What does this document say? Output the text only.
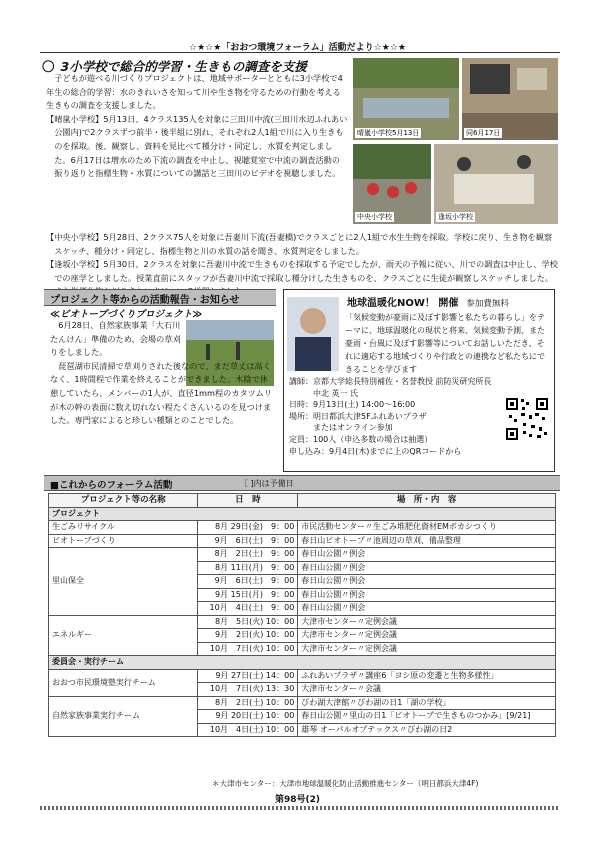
☆★☆★「おおつ環境フォーラム」活動だより☆★☆★
〇 3小学校で総合的学習・生きもの調査を支援

子どもが遊べる川づくりプロジェクトは、地域サポーターとともに3小学校で4年生の総合的学習：水のきれいさを知って川や生き物を守るための行動を考える生きもの調査を支援しました。

【晴嵐小学校】5月13日、4クラス135人を対象に三田川中流(三田川水辺ふれあい公園内)で2クラスずつ前半・後半組に別れ、それぞれ2人1組で川に入り生きものを採取。後、観察し、資料を見比べて種分け・同定し、水質を判定しました。6月17日は増水のため下流の調査を中止し、視聴覚室で中流の調査活動の振り返りと指標生物・水質についての講話と三田川のビデオを視聴しました。

晴嵐小学校5月13日	同6月17日
中央小学校	逢坂小学校

【中央小学校】5月28日、2クラス75人を対象に吾妻川下流(吾妻橋)でクラスごとに2人1組で水生生物を採取。学校に戻り、生き物を観察スケッチ、種分け・同定し、指標生物と川の水質の話を聞き、水質判定をしました。

【逢坂小学校】5月30日、2クラスを対象に吾妻川中流で生きものを採取する予定でしたが、雨天の予報に従い、川での調査は中止し、学校での座学としました。授業直前にスタッフが吾妻川中流で採取し種分けした生きものを、クラスごとに生徒が観察しスケッチしました。

プロジェクト等からの活動報告・お知らせ
≪ビオトープづくりプロジェクト≫

6月28日、自然家族事業「大石川たんけん」準備のため、会場の草刈りをしました。

琵琶湖市民清掃で草刈りされた後なので、まだ草丈は高くなく、1時間程で作業を終えることができました。木陰で休憩していたら、メンバーの1人が、直径1mm程のカタツムリが木の幹の表面に数え切れない程たくさんいるのを見つけました。専門家によると珍しい種類とのことでした。

地球温暖化NOW！ 開催 参加費無料
「気候変動が豪雨に及ぼす影響と私たちの暮らし」をテーマに、地球温暖化の現状と将来、気候変動予測、また豪雨・台風に及ぼす影響等についてお話しいただき、それに適応する地域づくりや行政との連携など私たちにできることを学びます
講師：京都大学総長特別補佐・名誉教授 前防災研究所長
　　　中北 英一 氏
日時：9月13日(土) 14:00～16:00
場所：明日都浜大津5Fふれあいプラザ
　　　またはオンライン参加
定員：100人（申込多数の場合は抽選）
申し込み：9月4日(木)までに上のQRコードから
■これからのフォーラム活動	［ ]内は予備日
プロジェクト等の名称	日　時	場　所・内　容
プロジェクト		
生ごみリサイクル	8月 29日(金)　9：00	市民活動センター〃生ごみ堆肥化資材EMボカシつくり
ビオトープづくり	9月　6日(土)　9：00	春日山ビオトープ〃池周辺の草刈、備品整理
里山保全	8月　2日(土)　9：00	春日山公園〃例会
	8月 11日(月)　9：00	春日山公園〃例会
	9月　6日(土)　9：00	春日山公園〃例会
	9月 15日(月)　9：00	春日山公園〃例会
	10月　4日(土)　9：00	春日山公園〃例会
エネルギー	8月　5日(火) 10：00	大津市センター〃定例会議
	9月　2日(火) 10：00	大津市センター〃定例会議
	10月　7日(火) 10：00	大津市センター〃定例会議
委員会・実行チーム		
おおつ市民環境塾実行チーム	9月 27日(土) 14：00	ふれあいプラザ〃講座6「ヨシ原の変遷と生物多様性」
	10月　7日(火) 13：30	大津市センター〃会議
自然家族事業実行チーム	8月　2日(土) 10：00	びわ湖大津館〃びわ湖の日1「湖の学校」
	9月 20日(土) 10：00	春日山公園〃里山の日1「ビオトープで生きものつかみ」[9/21]
	10月　4日(土) 10：00	雄琴 オーパルオプテックス〃びわ湖の日2
＊大津市センター：大津市地球温暖化防止活動推進センター（明日都浜大津4F)
第98号(2)
